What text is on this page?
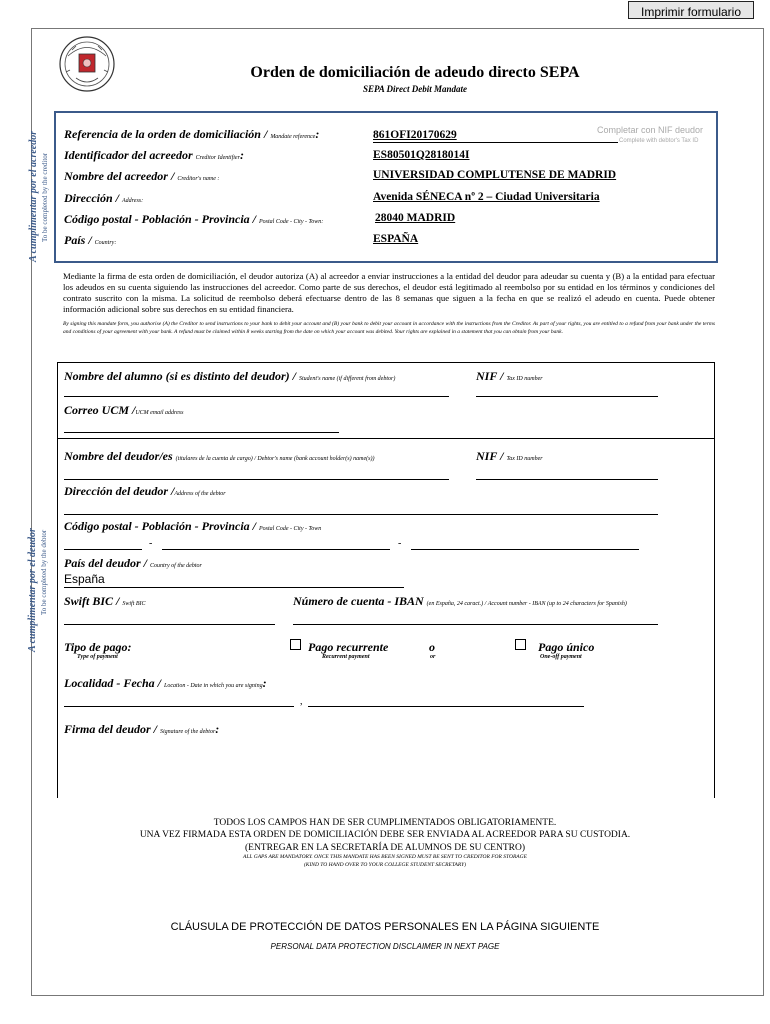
Imprimir formulario
Orden de domiciliación de adeudo directo SEPA
SEPA Direct Debit Mandate
A cumplimentar por el acreedor To be completed by the creditor
Completar con NIF deudor
Complete with debtor's Tax ID
Referencia de la orden de domiciliación / Mandate reference:	861OFI20170629
Identificador del acreedor Creditor Identifier:	ES80501Q2818014I
Nombre del acreedor / Creditor's name :	UNIVERSIDAD COMPLUTENSE DE MADRID
Dirección / Address:	Avenida SÉNECA nº 2 – Ciudad Universitaria
Código postal - Población - Provincia / Postal Code - City - Town:	28040 MADRID
País / Country:	ESPAÑA
Mediante la firma de esta orden de domiciliación, el deudor autoriza (A) al acreedor a enviar instrucciones a la entidad del deudor para adeudar su cuenta y (B) a la entidad para efectuar los adeudos en su cuenta siguiendo las instrucciones del acreedor. Como parte de sus derechos, el deudor está legitimado al reembolso por su entidad en los términos y condiciones del contrato suscrito con la misma. La solicitud de reembolso deberá efectuarse dentro de las 8 semanas que siguen a la fecha en que se realizó el adeudo en cuenta. Puede obtener información adicional sobre sus derechos en su entidad financiera.
By signing this mandate form, you authorise (A) the Creditor to send instructions to your bank to debit your account and (B) your bank to debit your account in accordance with the instructions from the Creditor. As part of your rights, you are entitled to a refund from your bank under the terms and conditions of your agreement with your bank. A refund must be claimed within 8 weeks starting from the date on which your account was debited. Your rights are explained in a statement that you can obtain from your bank.
Nombre del alumno (si es distinto del deudor) / Student's name (if different from debtor)	NIF / Tax ID number
Correo UCM /UCM email address
A cumplimentar por el deudor To be completed by the debtor
Nombre del deudor/es (titulares de la cuenta de cargo) / Debtor's name (bank account holder(s) name(s))	NIF / Tax ID number
Dirección del deudor /Address of the debtor
Código postal - Población - Provincia / Postal Code - City - Town
-	-
País del deudor / Country of the debtor
España
Swift BIC / Swift BIC	Número de cuenta - IBAN (en España, 24 caract.) / Account number - IBAN (up to 24 characters for Spanish)
Tipo de pago:
Type of payment
Pago recurrente
Recurrent payment
o
or
Pago único
One-off payment
Localidad - Fecha / Location - Date in which you are signing:
,
Firma del deudor / Signature of the debtor:
TODOS LOS CAMPOS HAN DE SER CUMPLIMENTADOS OBLIGATORIAMENTE.
UNA VEZ FIRMADA ESTA ORDEN DE DOMICILIACIÓN DEBE SER ENVIADA AL ACREEDOR PARA SU CUSTODIA.
(ENTREGAR EN LA SECRETARÍA DE ALUMNOS DE SU CENTRO)
ALL GAPS ARE MANDATORY. ONCE THIS MANDATE HAS BEEN SIGNED MUST BE SENT TO CREDITOR FOR STORAGE
(KIND TO HAND OVER TO YOUR COLLEGE STUDENT SECRETARY)
CLÁUSULA DE PROTECCIÓN DE DATOS PERSONALES EN LA PÁGINA SIGUIENTE
PERSONAL DATA PROTECTION DISCLAIMER IN NEXT PAGE
